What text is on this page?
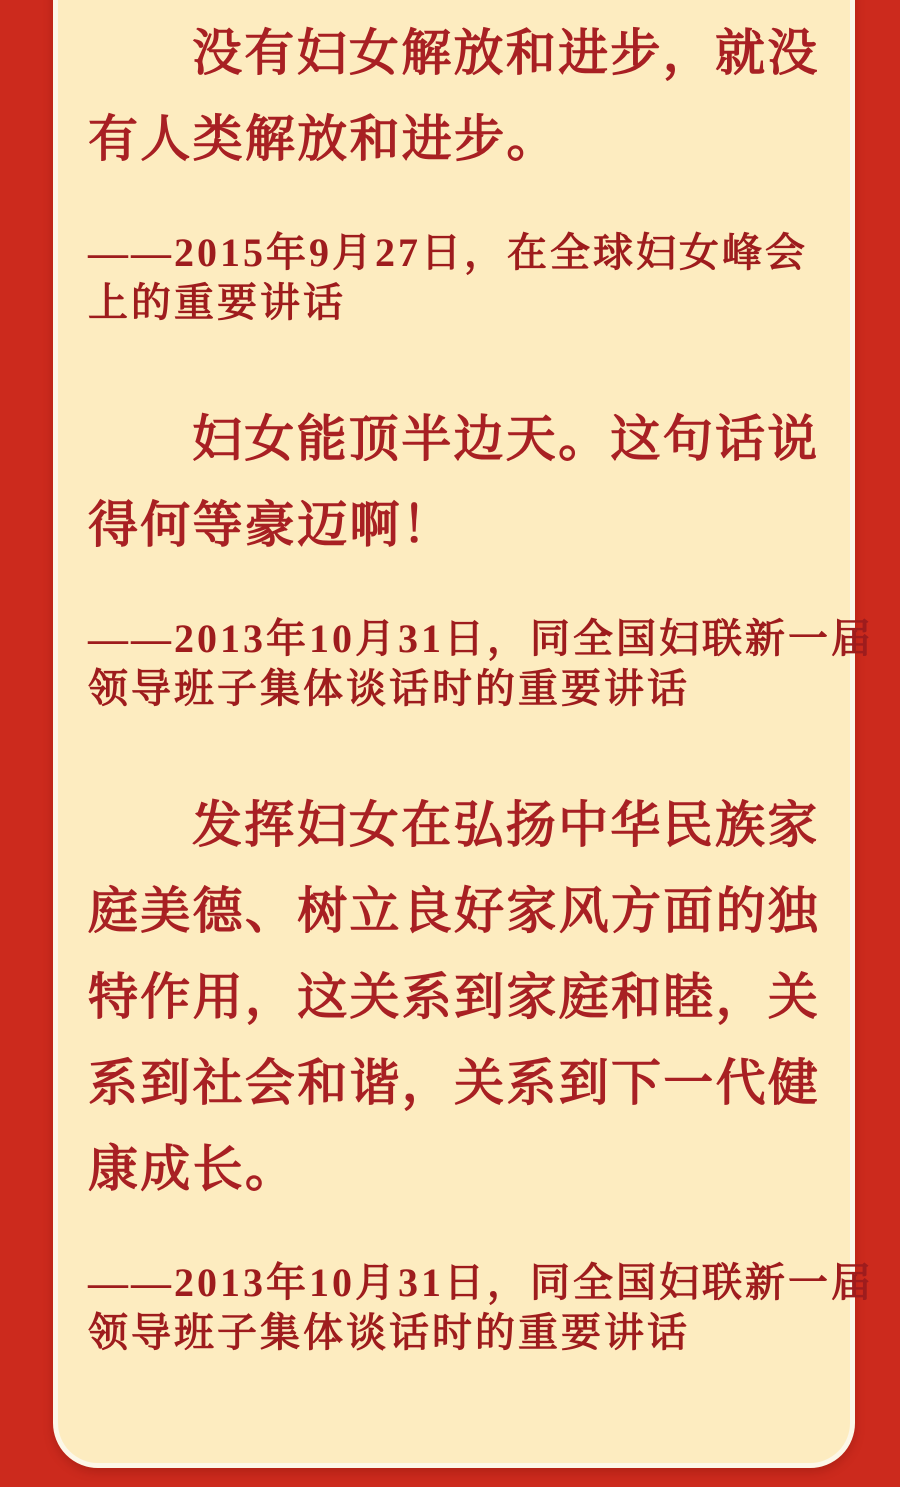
没有妇女解放和进步，就没
有人类解放和进步。

——2015年9月27日，在全球妇女峰会
上的重要讲话

妇女能顶半边天。这句话说
得何等豪迈啊！

——2013年10月31日，同全国妇联新一届
领导班子集体谈话时的重要讲话

发挥妇女在弘扬中华民族家
庭美德、树立良好家风方面的独
特作用，这关系到家庭和睦，关
系到社会和谐，关系到下一代健
康成长。

——2013年10月31日，同全国妇联新一届
领导班子集体谈话时的重要讲话
